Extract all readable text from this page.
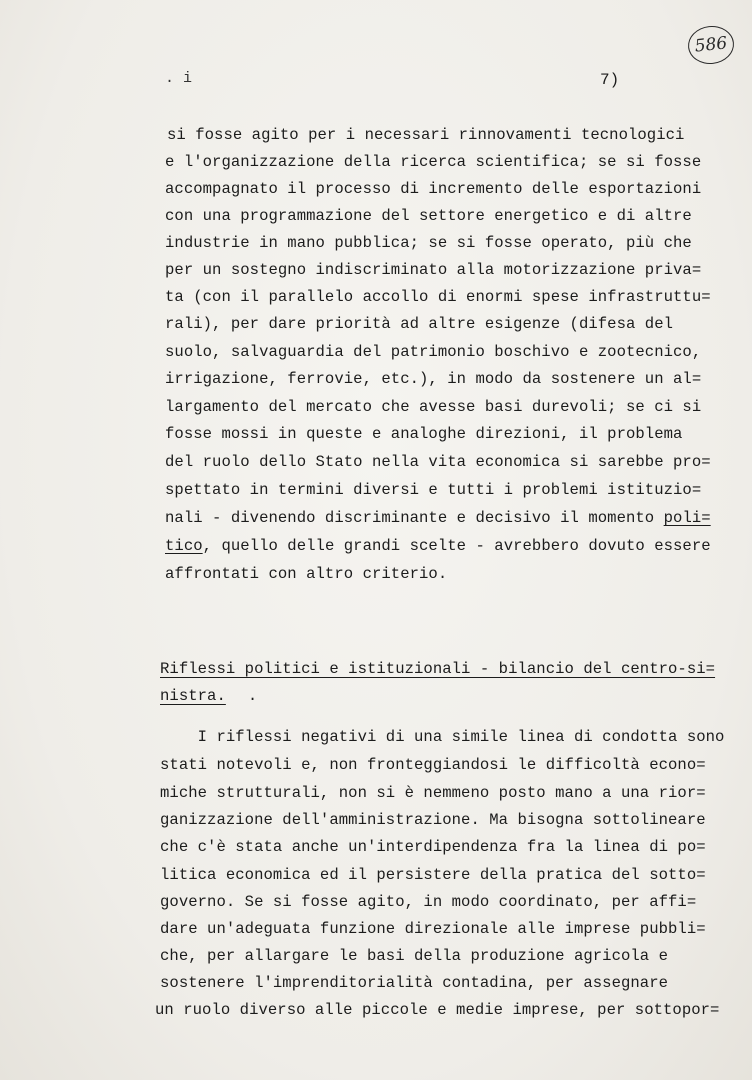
586
. i	7)
si fosse agito per i necessari rinnovamenti tecnologici
e l'organizzazione della ricerca scientifica; se si fosse
accompagnato il processo di incremento delle esportazioni
con una programmazione del settore energetico e di altre
industrie in mano pubblica; se si fosse operato, più che
per un sostegno indiscriminato alla motorizzazione priva=
ta (con il parallelo accollo di enormi spese infrastruttu=
rali), per dare priorità ad altre esigenze (difesa del
suolo, salvaguardia del patrimonio boschivo e zootecnico,
irrigazione, ferrovie, etc.), in modo da sostenere un al=
largamento del mercato che avesse basi durevoli; se ci si
fosse mossi in queste e analoghe direzioni, il problema
del ruolo dello Stato nella vita economica si sarebbe pro=
spettato in termini diversi e tutti i problemi istituzio=
nali - divenendo discriminante e decisivo il momento poli=
tico, quello delle grandi scelte - avrebbero dovuto essere
affrontati con altro criterio.
Riflessi politici e istituzionali - bilancio del centro-si=
nistra. .
I riflessi negativi di una simile linea di condotta sono
stati notevoli e, non fronteggiandosi le difficoltà econo=
miche strutturali, non si è nemmeno posto mano a una rior=
ganizzazione dell'amministrazione. Ma bisogna sottolineare
che c'è stata anche un'interdipendenza fra la linea di po=
litica economica ed il persistere della pratica del sotto=
governo. Se si fosse agito, in modo coordinato, per affi=
dare un'adeguata funzione direzionale alle imprese pubbli=
che, per allargare le basi della produzione agricola e
sostenere l'imprenditorialità contadina, per assegnare
un ruolo diverso alle piccole e medie imprese, per sottopor=
